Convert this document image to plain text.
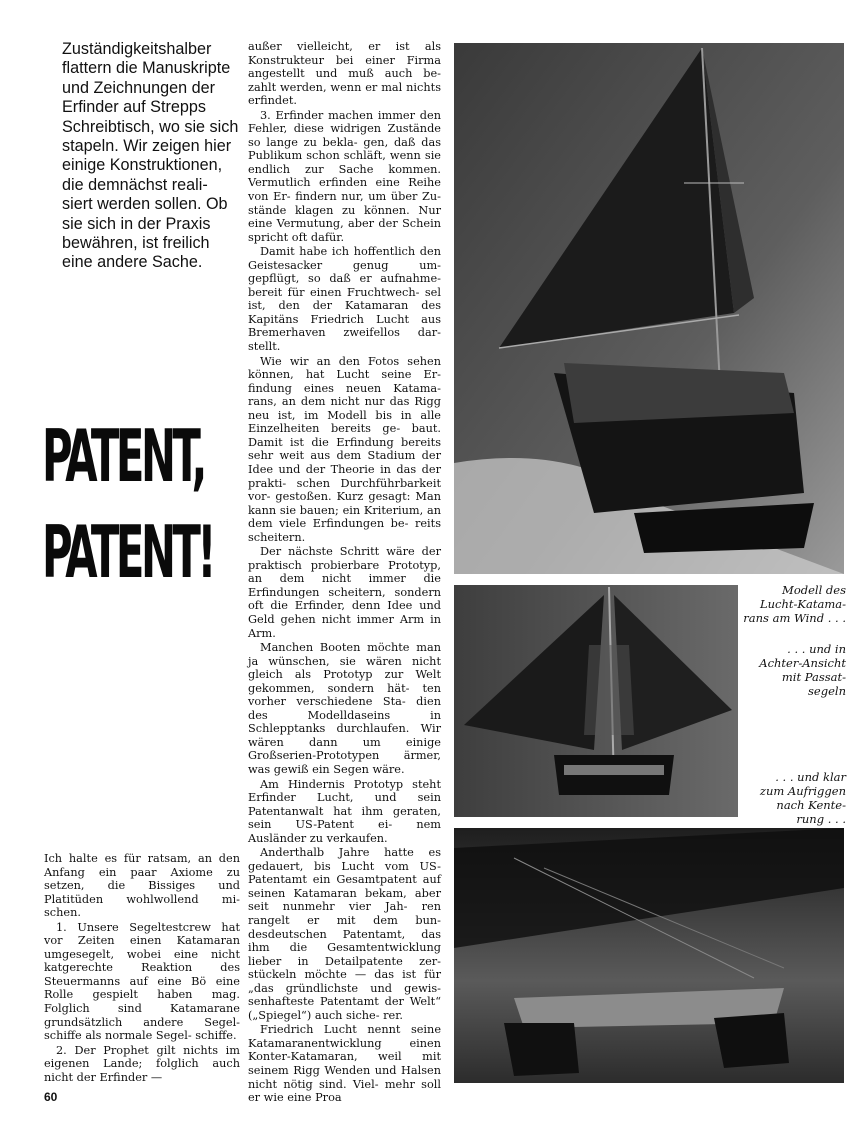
Zuständigkeitshalber
flattern die Manuskripte
und Zeichnungen der
Erfinder auf Strepps
Schreibtisch, wo sie sich
stapeln. Wir zeigen hier
einige Konstruktionen,
die demnächst reali-
siert werden sollen. Ob
sie sich in der Praxis
bewähren, ist freilich
eine andere Sache.
PATENT,
PATENT!

Ich halte es für ratsam, an den Anfang ein paar Axiome zu setzen, die Bissiges und Platitüden wohlwollend mi- schen.

1. Unsere Segeltestcrew hat vor Zeiten einen Katamaran umgesegelt, wobei eine nicht katgerechte Reaktion des Steuermanns auf eine Bö eine Rolle gespielt haben mag. Folglich sind Katamarane grundsätzlich andere Segel- schiffe als normale Segel- schiffe.

2. Der Prophet gilt nichts im eigenen Lande; folglich auch nicht der Erfinder —

außer vielleicht, er ist als Konstrukteur bei einer Firma angestellt und muß auch be- zahlt werden, wenn er mal nichts erfindet.

3. Erfinder machen immer den Fehler, diese widrigen Zustände so lange zu bekla- gen, daß das Publikum schon schläft, wenn sie endlich zur Sache kommen. Vermutlich erfinden eine Reihe von Er- findern nur, um über Zu- stände klagen zu können. Nur eine Vermutung, aber der Schein spricht oft dafür.

Damit habe ich hoffentlich den Geistesacker genug um- gepflügt, so daß er aufnahme- bereit für einen Fruchtwech- sel ist, den der Katamaran des Kapitäns Friedrich Lucht aus Bremerhaven zweifellos dar- stellt.

Wie wir an den Fotos sehen können, hat Lucht seine Er- findung eines neuen Katama- rans, an dem nicht nur das Rigg neu ist, im Modell bis in alle Einzelheiten bereits ge- baut. Damit ist die Erfindung bereits sehr weit aus dem Stadium der Idee und der Theorie in das der prakti- schen Durchführbarkeit vor- gestoßen. Kurz gesagt: Man kann sie bauen; ein Kriterium, an dem viele Erfindungen be- reits scheitern.

Der nächste Schritt wäre der praktisch probierbare Prototyp, an dem nicht immer die Erfindungen scheitern, sondern oft die Erfinder, denn Idee und Geld gehen nicht immer Arm in Arm.

Manchen Booten möchte man ja wünschen, sie wären nicht gleich als Prototyp zur Welt gekommen, sondern hät- ten vorher verschiedene Sta- dien des Modelldaseins in Schlepptanks durchlaufen. Wir wären dann um einige Großserien-Prototypen ärmer, was gewiß ein Segen wäre.

Am Hindernis Prototyp steht Erfinder Lucht, und sein Patentanwalt hat ihm geraten, sein US-Patent ei- nem Ausländer zu verkaufen.

Anderthalb Jahre hatte es gedauert, bis Lucht vom US- Patentamt ein Gesamtpatent auf seinen Katamaran bekam, aber seit nunmehr vier Jah- ren rangelt er mit dem bun- desdeutschen Patentamt, das ihm die Gesamtentwicklung lieber in Detailpatente zer- stückeln möchte — das ist für „das gründlichste und gewis- senhafteste Patentamt der Welt“ („Spiegel“) auch siche- rer.

Friedrich Lucht nennt seine Katamaranentwicklung einen Konter-Katamaran, weil mit seinem Rigg Wenden und Halsen nicht nötig sind. Viel- mehr soll er wie eine Proa

Modell des
Lucht-Katama-
rans am Wind . . .
. . . und in
Achter-Ansicht
mit Passat-
segeln
. . . und klar
zum Aufriggen
nach Kente-
rung . . .
60
